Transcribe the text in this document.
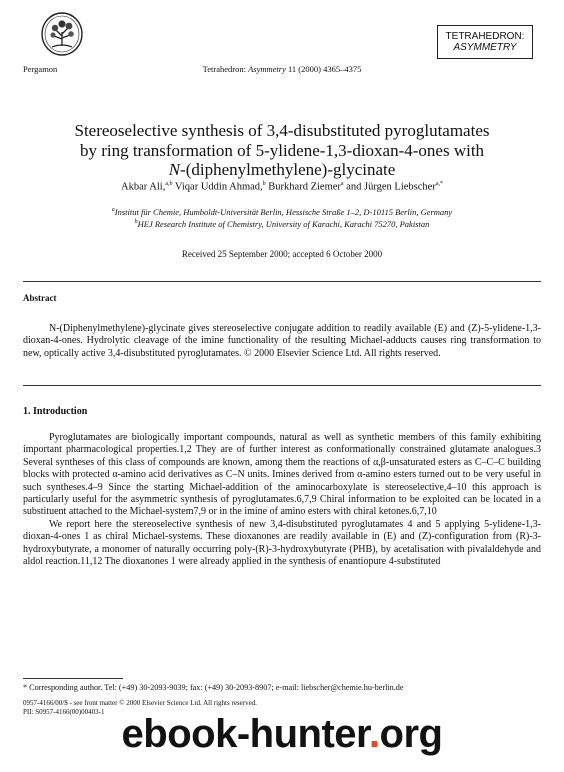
Pergamon	Tetrahedron: Asymmetry 11 (2000) 4365–4375
TETRAHEDRON:
ASYMMETRY
Stereoselective synthesis of 3,4-disubstituted pyroglutamates
by ring transformation of 5-ylidene-1,3-dioxan-4-ones with
N-(diphenylmethylene)-glycinate
Akbar Ali,$^{a,b}$ Viqar Uddin Ahmad,$^b$ Burkhard Ziemer$^a$ and Jürgen Liebscher$^{a,*}$
$^a$Institut für Chemie, Humboldt-Universität Berlin, Hessische Straße 1–2, D-10115 Berlin, Germany
$^b$HEJ Research Institute of Chemistry, University of Karachi, Karachi 75270, Pakistan
Received 25 September 2000; accepted 6 October 2000
Abstract
N-(Diphenylmethylene)-glycinate gives stereoselective conjugate addition to readily available (E) and (Z)-5-ylidene-1,3-dioxan-4-ones. Hydrolytic cleavage of the imine functionality of the resulting Michael-adducts causes ring transformation to new, optically active 3,4-disubstituted pyroglutamates. © 2000 Elsevier Science Ltd. All rights reserved.
1. Introduction

Pyroglutamates are biologically important compounds, natural as well as synthetic members of this family exhibiting important pharmacological properties.1,2 They are of further interest as conformationally constrained glutamate analogues.3 Several syntheses of this class of compounds are known, among them the reactions of α,β-unsaturated esters as C–C–C building blocks with protected α-amino acid derivatives as C–N units. Imines derived from α-amino esters turned out to be very useful in such syntheses.4–9 Since the starting Michael-addition of the aminocarboxylate is stereoselective,4–10 this approach is particularly useful for the asymmetric synthesis of pyroglutamates.6,7,9 Chiral information to be exploited can be located in a substituent attached to the Michael-system7,9 or in the imine of amino esters with chiral ketones.6,7,10

We report here the stereoselective synthesis of new 3,4-disubstituted pyroglutamates 4 and 5 applying 5-ylidene-1,3-dioxan-4-ones 1 as chiral Michael-systems. These dioxanones are readily available in (E) and (Z)-configuration from (R)-3-hydroxybutyrate, a monomer of naturally occurring poly-(R)-3-hydroxybutyrate (PHB), by acetalisation with pivalaldehyde and aldol reaction.11,12 The dioxanones 1 were already applied in the synthesis of enantiopure 4-substituted

* Corresponding author. Tel: (+49) 30-2093-9039; fax: (+49) 30-2093-8907; e-mail: liebscher@chemie.hu-berlin.de
0957-4166/00/$ - see front matter © 2000 Elsevier Science Ltd. All rights reserved.
PII: S0957-4166(00)00403-1
ebook-hunter.org
